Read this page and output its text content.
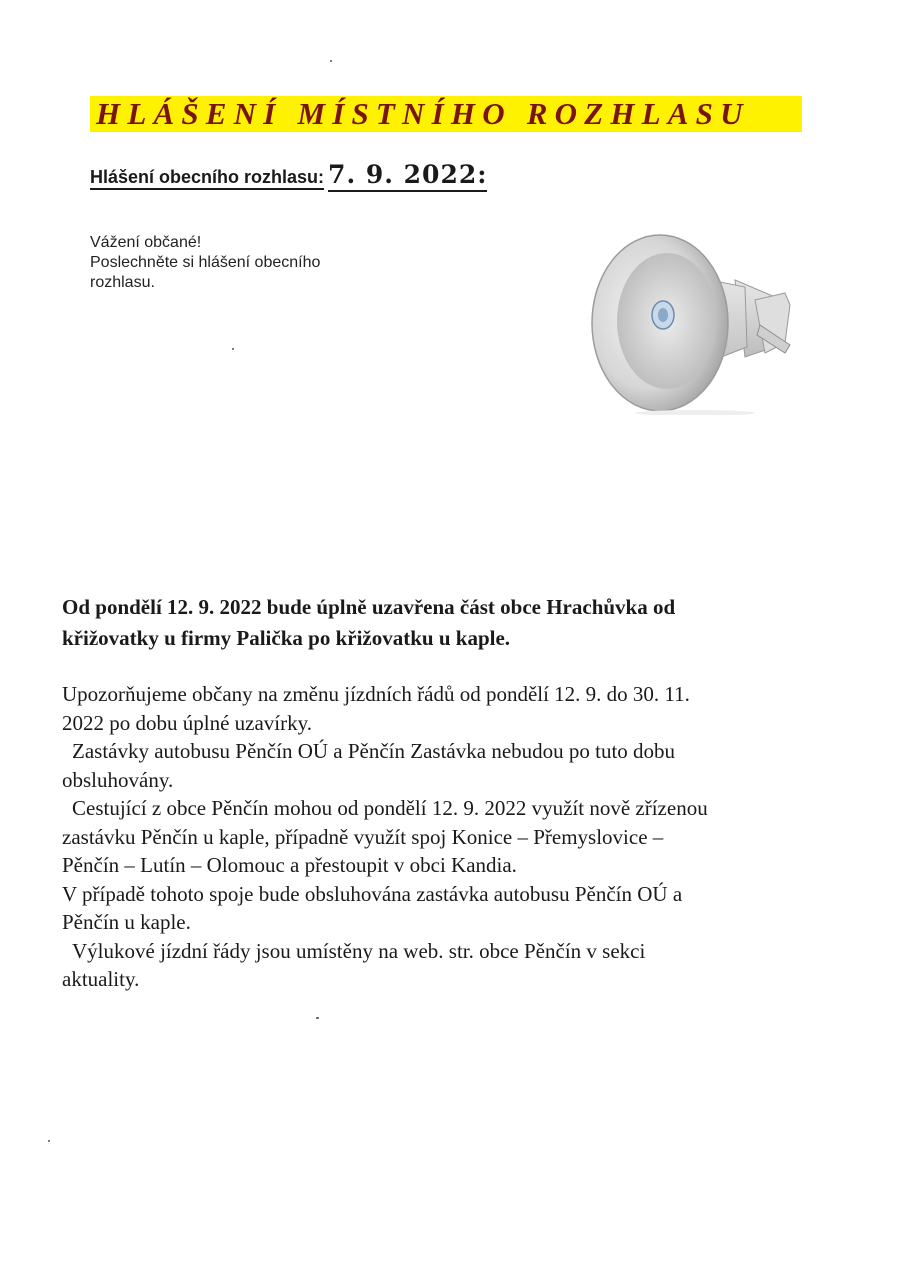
HLÁŠENÍ MÍSTNÍHO ROZHLASU
Hlášení obecního rozhlasu: 7. 9. 2022:
Vážení občané!
Poslechněte si hlášení obecního
rozhlasu.
Od pondělí 12. 9. 2022 bude úplně uzavřena část obce Hrachůvka od
křižovatky u firmy Palička po křižovatku u kaple.

Upozorňujeme občany na změnu jízdních řádů od pondělí 12. 9. do 30. 11.
2022 po dobu úplné uzavírky.

Zastávky autobusu Pěnčín OÚ a Pěnčín Zastávka nebudou po tuto dobu

obsluhovány.

Cestující z obce Pěnčín mohou od pondělí 12. 9. 2022 využít nově zřízenou

zastávku Pěnčín u kaple, případně využít spoj Konice – Přemyslovice –
Pěnčín – Lutín – Olomouc a přestoupit v obci Kandia.

V případě tohoto spoje bude obsluhována zastávka autobusu Pěnčín OÚ a
Pěnčín u kaple.

Výlukové jízdní řády jsou umístěny na web. str. obce Pěnčín v sekci

aktuality.
